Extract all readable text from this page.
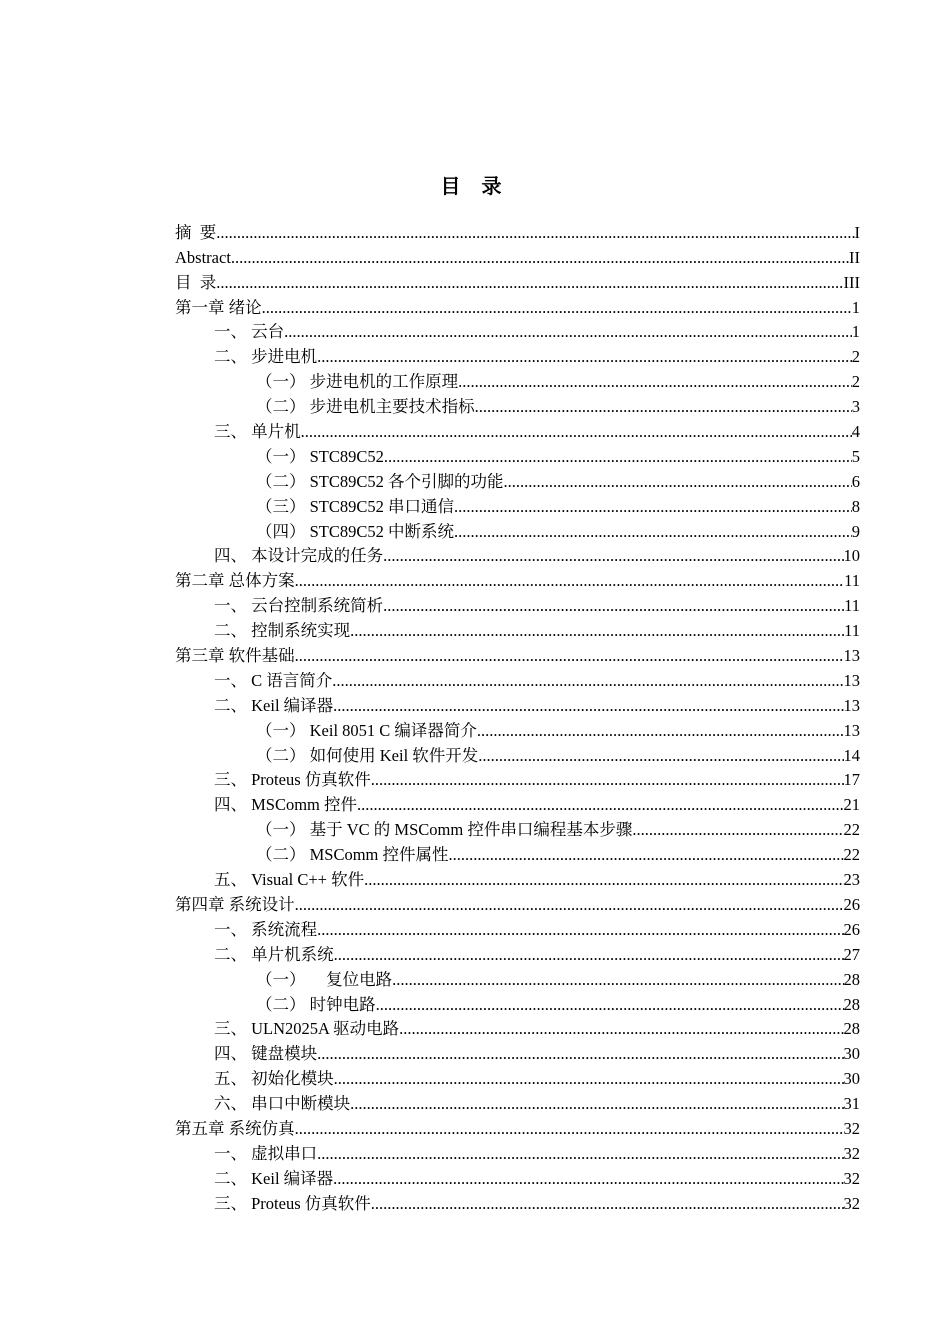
目 录
摘  要 .....	I
Abstract .....	II
目  录 .....	III
第一章 绪论 .....	1
一、 云台 .....	1
二、 步进电机 .....	2
（一） 步进电机的工作原理 .....	2
（二） 步进电机主要技术指标 .....	3
三、 单片机 .....	4
（一） STC89C52 .....	5
（二） STC89C52 各个引脚的功能 .....	6
（三） STC89C52 串口通信 .....	8
（四） STC89C52 中断系统 .....	9
四、 本设计完成的任务 .....	10
第二章 总体方案 .....	11
一、 云台控制系统简析 .....	11
二、 控制系统实现 .....	11
第三章 软件基础 .....	13
一、 C 语言简介 .....	13
二、 Keil 编译器 .....	13
（一） Keil 8051 C 编译器简介 .....	13
（二） 如何使用 Keil 软件开发 .....	14
三、 Proteus 仿真软件 .....	17
四、 MSComm 控件 .....	21
（一） 基于 VC 的 MSComm 控件串口编程基本步骤 .....	22
（二） MSComm 控件属性 .....	22
五、 Visual C++ 软件 .....	23
第四章 系统设计 .....	26
一、 系统流程 .....	26
二、 单片机系统 .....	27
（一）     复位电路 .....	28
（二） 时钟电路 .....	28
三、 ULN2025A 驱动电路 .....	28
四、 键盘模块 .....	30
五、 初始化模块 .....	30
六、 串口中断模块 .....	31
第五章 系统仿真 .....	32
一、 虚拟串口 .....	32
二、 Keil 编译器 .....	32
三、 Proteus 仿真软件 .....	32
